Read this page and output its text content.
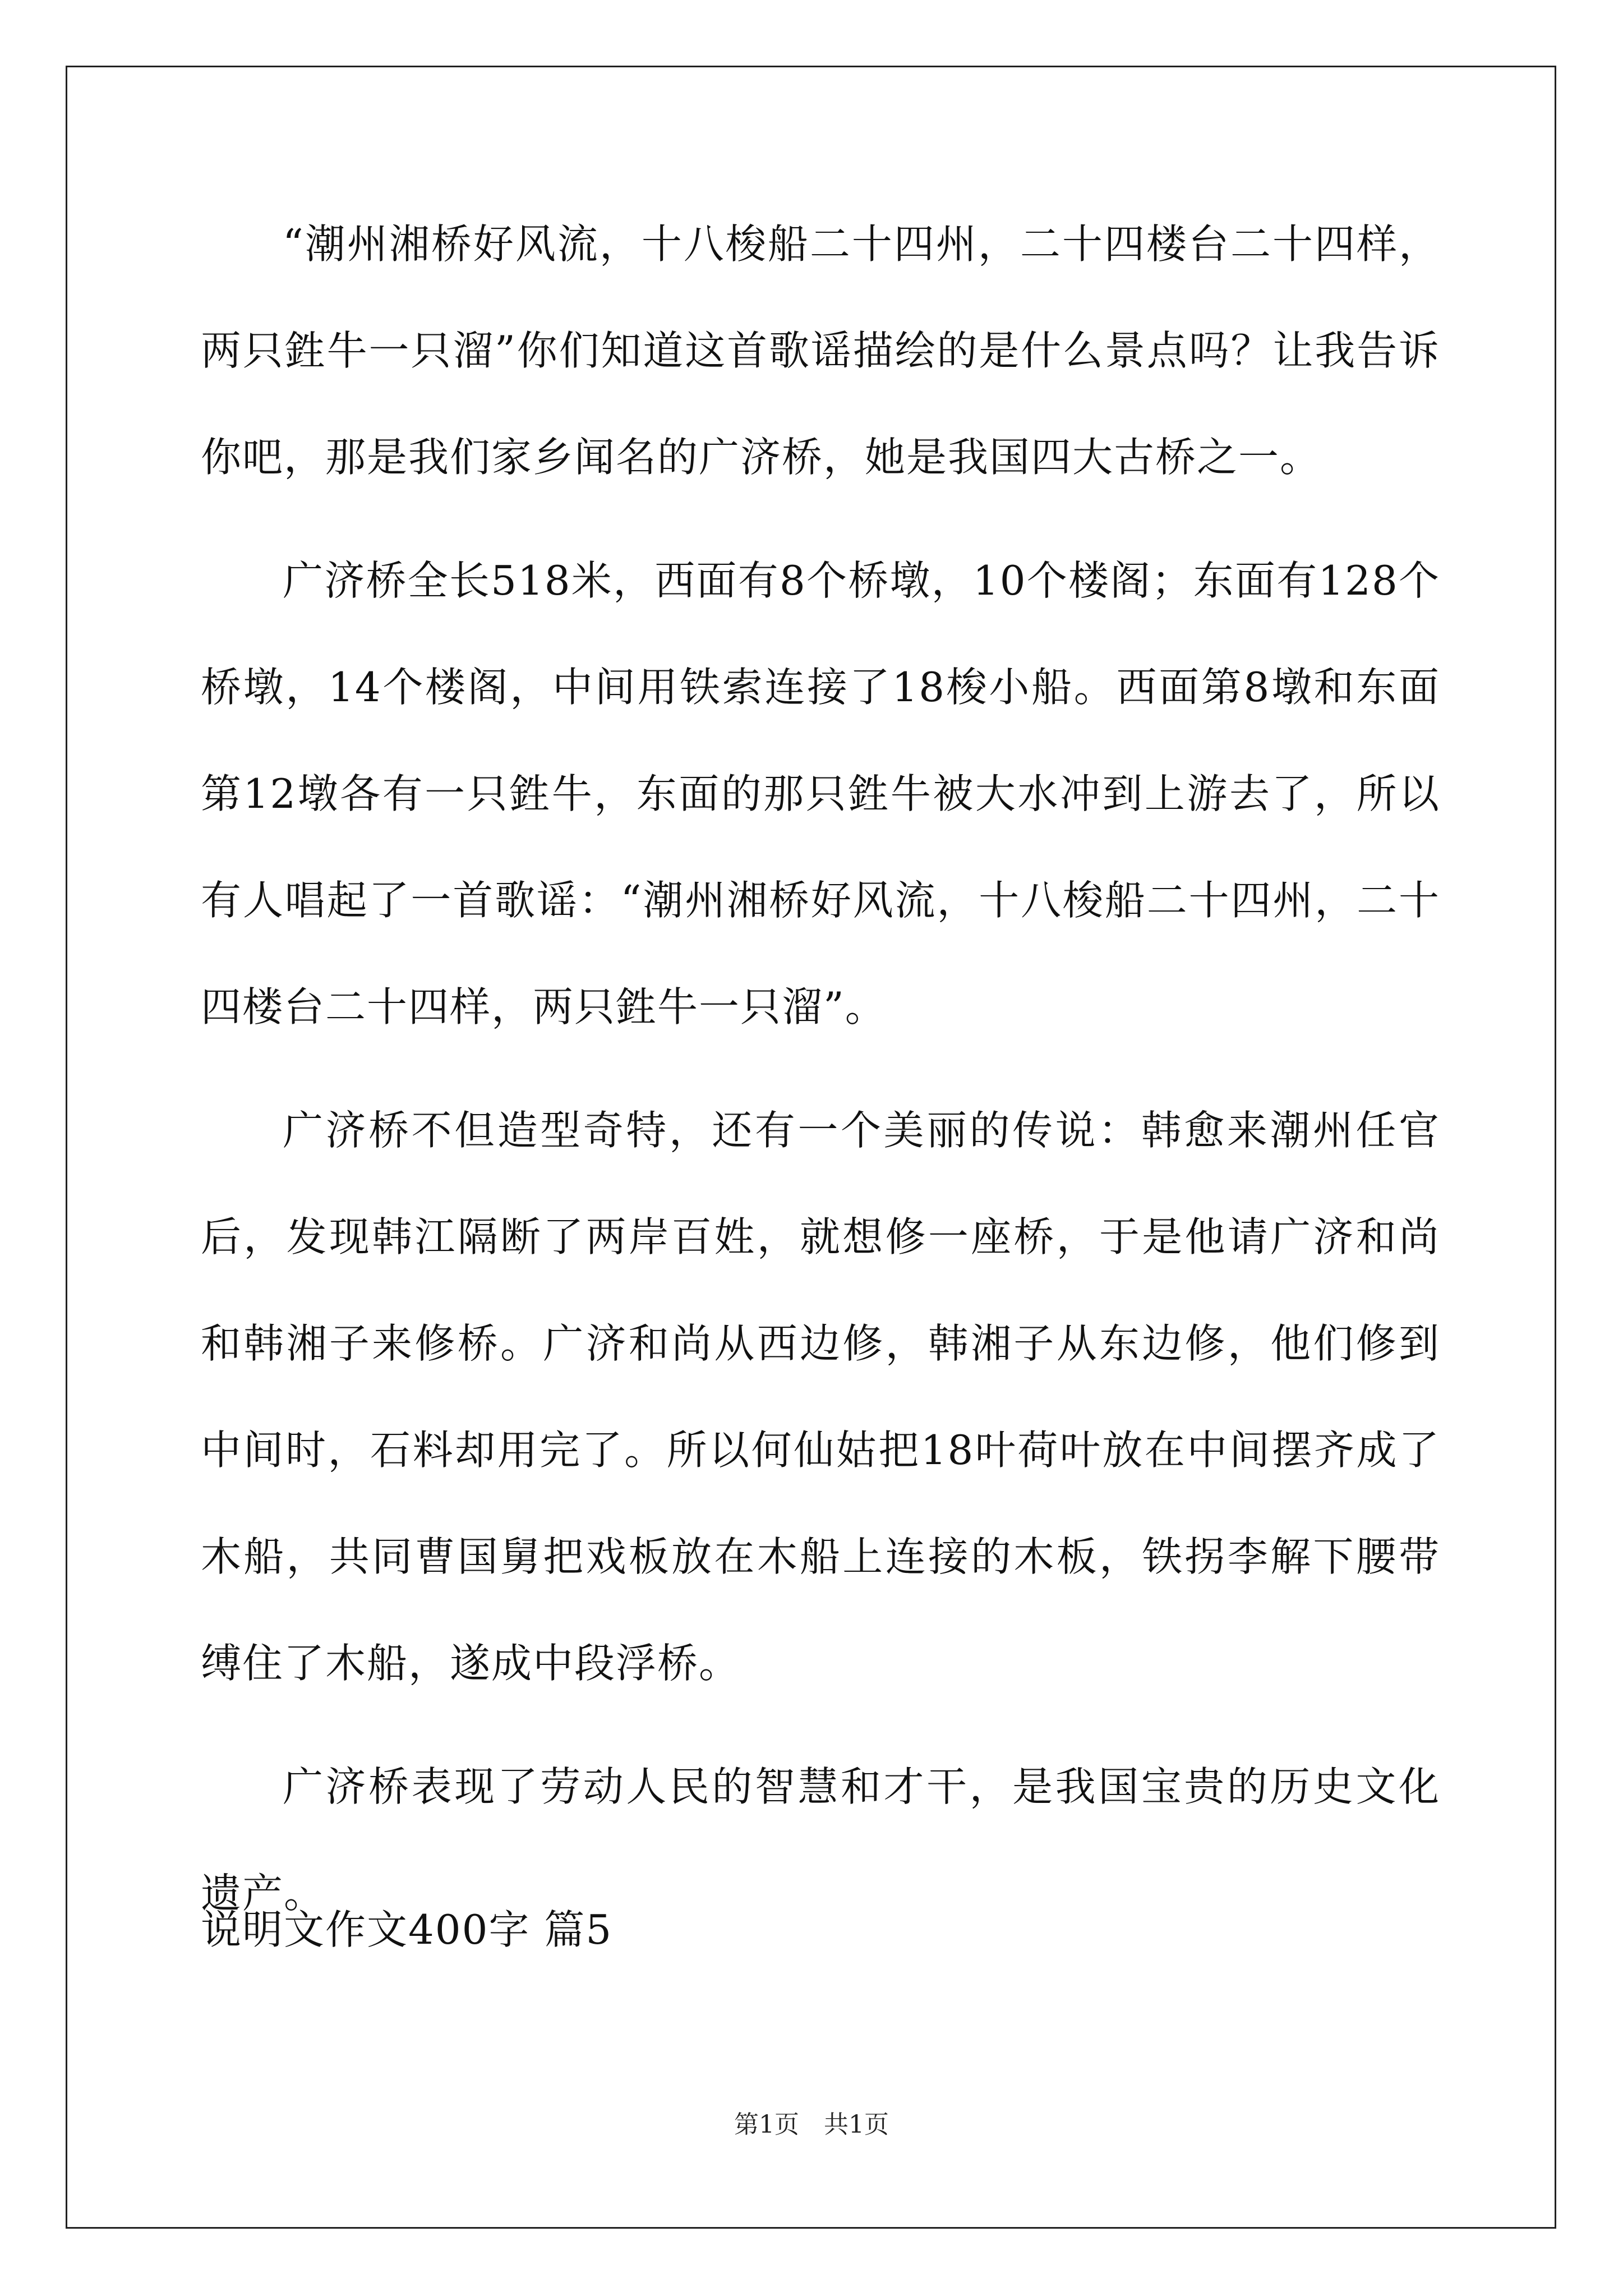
“潮州湘桥好风流，十八梭船二十四州，二十四楼台二十四样，两只鉎牛一只溜”你们知道这首歌谣描绘的是什么景点吗？让我告诉你吧，那是我们家乡闻名的广济桥，她是我国四大古桥之一。

广济桥全长518米，西面有8个桥墩，10个楼阁；东面有128个桥墩，14个楼阁，中间用铁索连接了18梭小船。西面第8墩和东面第12墩各有一只鉎牛，东面的那只鉎牛被大水冲到上游去了，所以有人唱起了一首歌谣：“潮州湘桥好风流，十八梭船二十四州，二十四楼台二十四样，两只鉎牛一只溜”。

广济桥不但造型奇特，还有一个美丽的传说：韩愈来潮州任官后，发现韩江隔断了两岸百姓，就想修一座桥，于是他请广济和尚和韩湘子来修桥。广济和尚从西边修，韩湘子从东边修，他们修到中间时，石料却用完了。所以何仙姑把18叶荷叶放在中间摆齐成了木船，共同曹国舅把戏板放在木船上连接的木板，铁拐李解下腰带缚住了木船，遂成中段浮桥。

广济桥表现了劳动人民的智慧和才干，是我国宝贵的历史文化遗产。

说明文作文400字 篇5
第1页　共1页
